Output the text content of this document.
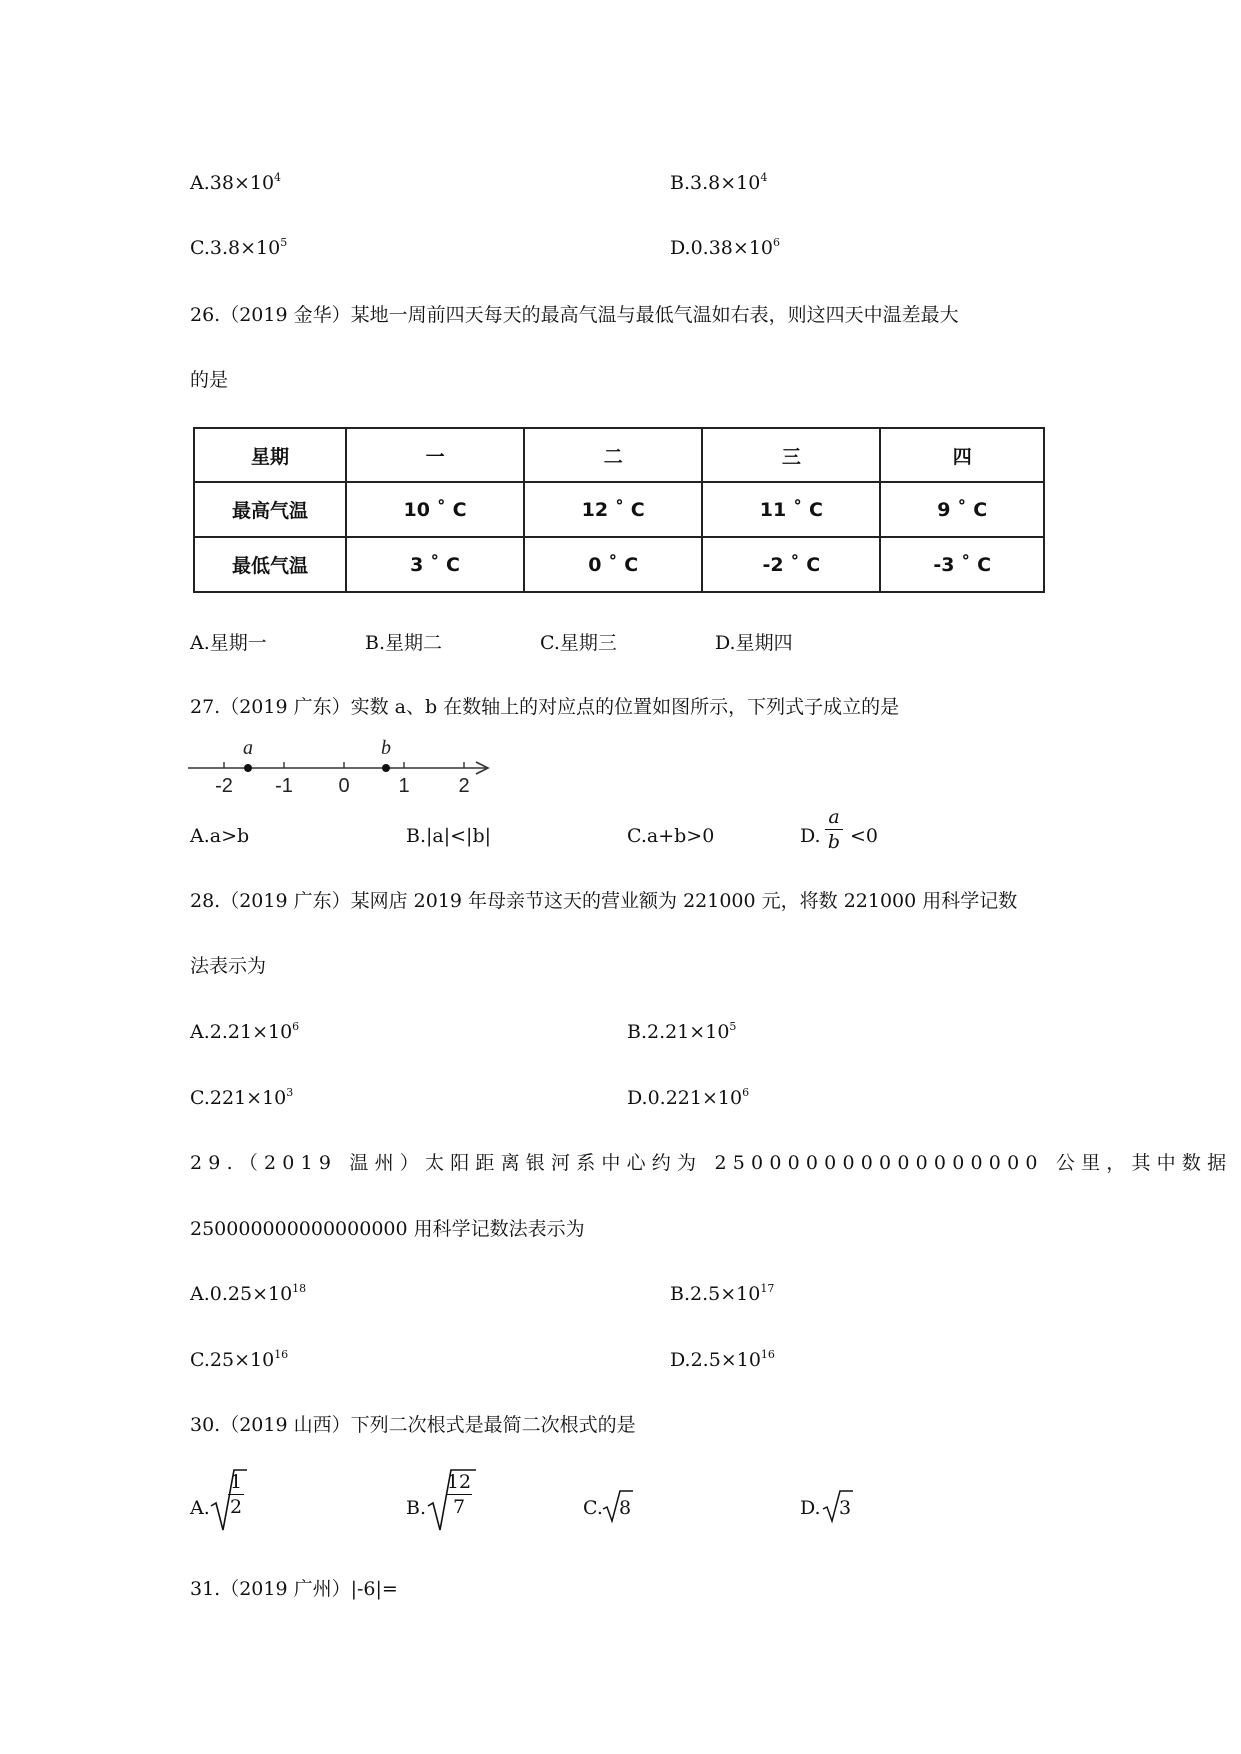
$A.38\times 10^4$	$B.3.8\times 10^4$
$C.3.8\times 10^5$	$D.0.38\times 10^6$
26.（2019 金华）某地一周前四天每天的最高气温与最低气温如右表，则这四天中温差最大
的是
星期	一	二	三	四
最高气温	10 ˚ C	12 ˚ C	11 ˚ C	9 ˚ C
最低气温	3 ˚ C	0 ˚ C	-2 ˚ C	-3 ˚ C
A.星期一	B.星期二	C.星期三	D.星期四
27.（2019 广东）实数 a、b 在数轴上的对应点的位置如图所示，下列式子成立的是
-2 -1 0 1 2
a	b
A.a>b	B.|a|<|b|	C.a+b>0	D.
a
b <0
28.（2019 广东）某网店 2019 年母亲节这天的营业额为 221000 元，将数 221000 用科学记数
法表示为
$A.2.21\times 10^6$	$B.2.21\times 10^5$
$C.221\times 10^3$	$D.0.221\times 10^6$
29.（2019 温州）太阳距离银河系中心约为 250000000000000000 公里，其中数据
250000000000000000 用科学记数法表示为
$A.0.25\times 10^{18}$	$B.2.5\times 10^{17}$
$C.25\times 10^{16}$	$D.2.5\times 10^{16}$
30.（2019 山西）下列二次根式是最简二次根式的是
A.
1
2	B.
12
7	C. 8	D. 3
31.（2019 广州）|-6|=
